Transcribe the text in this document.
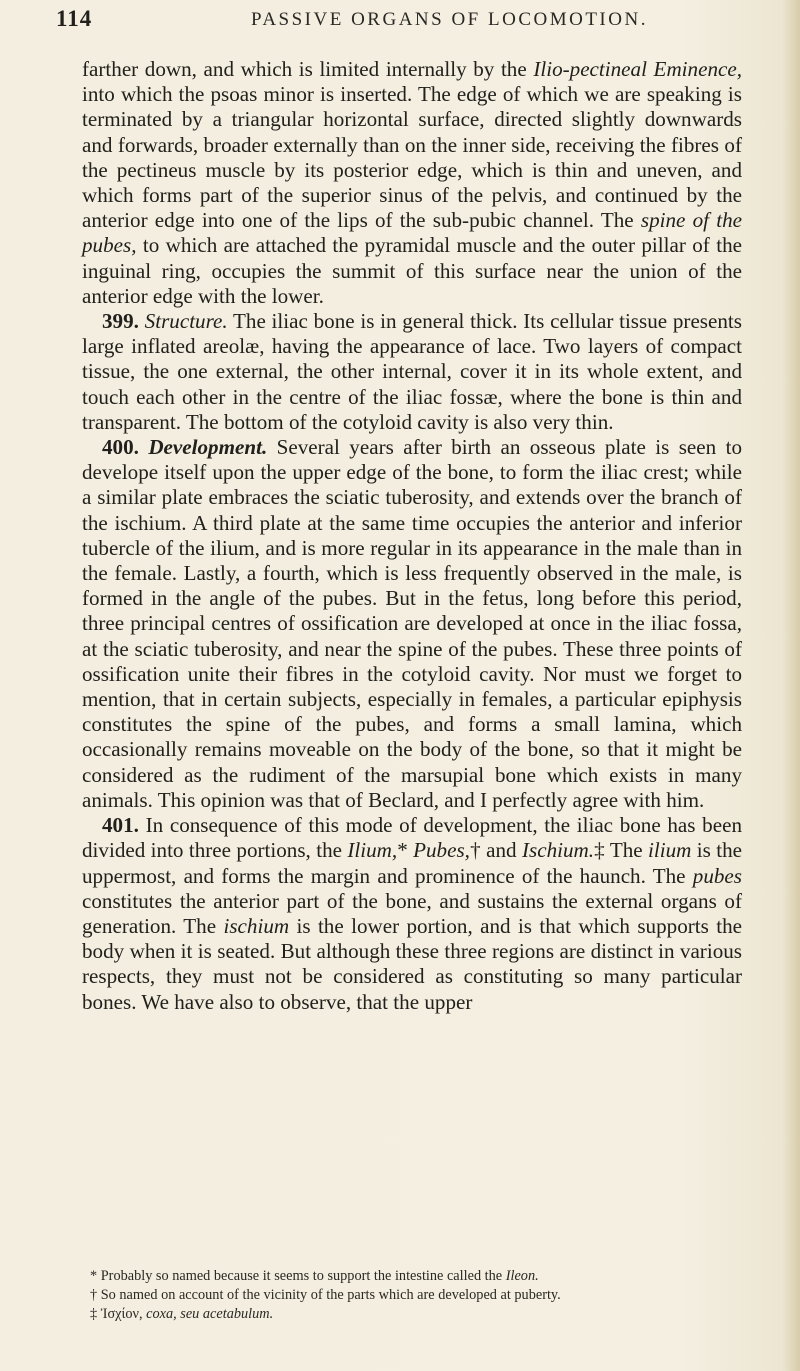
114	PASSIVE ORGANS OF LOCOMOTION.

farther down, and which is limited internally by the Ilio-pectineal Eminence, into which the psoas minor is inserted. The edge of which we are speaking is terminated by a triangular horizontal surface, directed slightly downwards and forwards, broader externally than on the inner side, receiving the fibres of the pectineus muscle by its posterior edge, which is thin and uneven, and which forms part of the superior sinus of the pelvis, and continued by the anterior edge into one of the lips of the sub-pubic channel. The spine of the pubes, to which are attached the pyramidal muscle and the outer pillar of the inguinal ring, occupies the summit of this surface near the union of the anterior edge with the lower.

399. Structure. The iliac bone is in general thick. Its cellular tissue presents large inflated areolæ, having the appearance of lace. Two layers of compact tissue, the one external, the other internal, cover it in its whole extent, and touch each other in the centre of the iliac fossæ, where the bone is thin and transparent. The bottom of the cotyloid cavity is also very thin.

400. Development. Several years after birth an osseous plate is seen to develope itself upon the upper edge of the bone, to form the iliac crest; while a similar plate embraces the sciatic tuberosity, and extends over the branch of the ischium. A third plate at the same time occupies the anterior and inferior tubercle of the ilium, and is more regular in its appearance in the male than in the female. Lastly, a fourth, which is less frequently observed in the male, is formed in the angle of the pubes. But in the fetus, long before this period, three principal centres of ossification are developed at once in the iliac fossa, at the sciatic tuberosity, and near the spine of the pubes. These three points of ossification unite their fibres in the cotyloid cavity. Nor must we forget to mention, that in certain subjects, especially in females, a particular epiphysis constitutes the spine of the pubes, and forms a small lamina, which occasionally remains moveable on the body of the bone, so that it might be considered as the rudiment of the marsupial bone which exists in many animals. This opinion was that of Beclard, and I perfectly agree with him.

401. In consequence of this mode of development, the iliac bone has been divided into three portions, the Ilium,* Pubes,† and Ischium.‡ The ilium is the uppermost, and forms the margin and prominence of the haunch. The pubes constitutes the anterior part of the bone, and sustains the external organs of generation. The ischium is the lower portion, and is that which supports the body when it is seated. But although these three regions are distinct in various respects, they must not be considered as constituting so many particular bones. We have also to observe, that the upper

* Probably so named because it seems to support the intestine called the Ileon.

† So named on account of the vicinity of the parts which are developed at puberty.

‡ Ἰσχίον, coxa, seu acetabulum.
